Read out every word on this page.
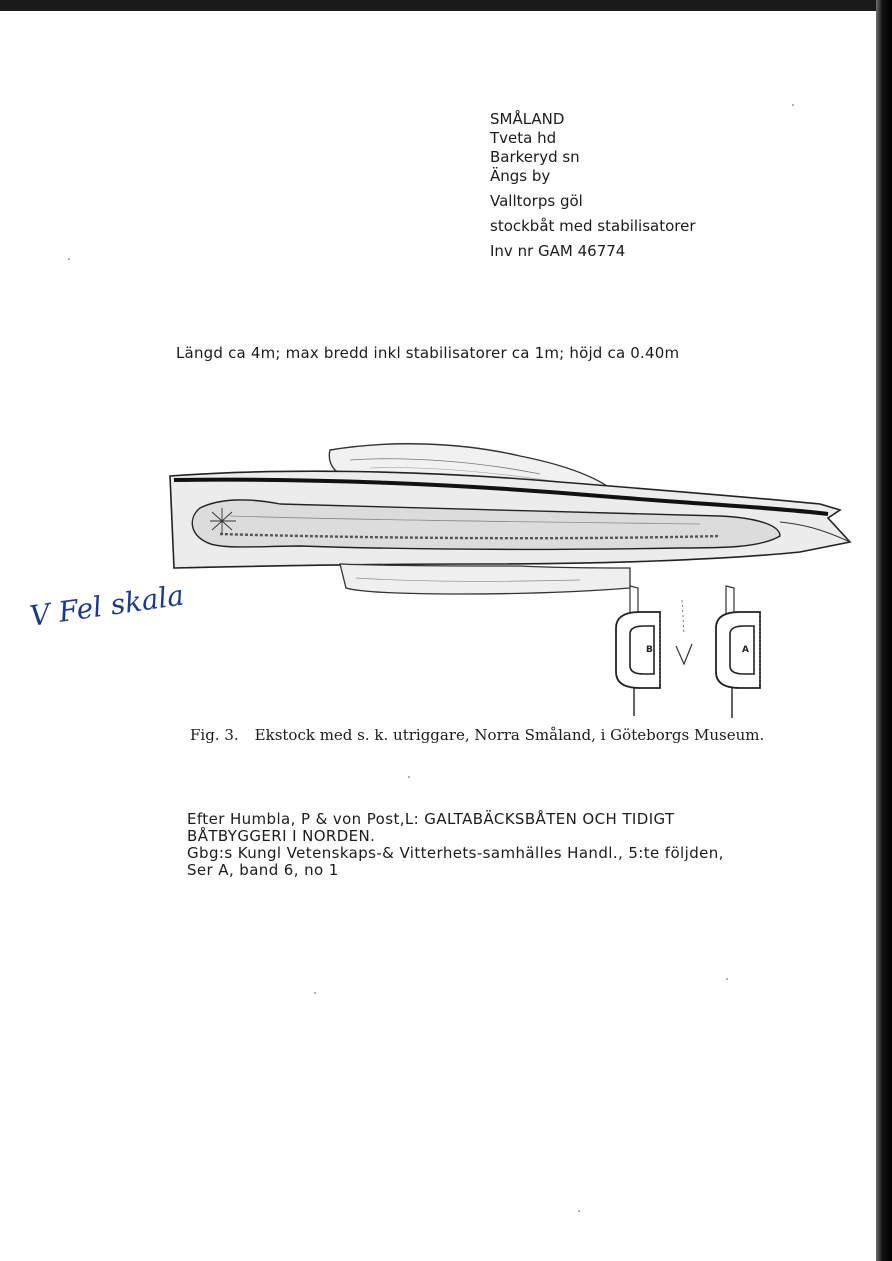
SMÅLAND
Tveta hd
Barkeryd sn
Ängs by
Valltorps göl
stockbåt med stabilisatorer
Inv nr GAM 46774
Längd ca 4m; max bredd inkl stabilisatorer ca 1m; höjd ca 0.40m
B	A
V Fel skala
Fig. 3. Ekstock med s. k. utriggare, Norra Småland, i Göteborgs Museum.
Efter Humbla, P & von Post,L: GALTABÄCKSBÅTEN OCH TIDIGT
BÅTBYGGERI I NORDEN.
Gbg:s Kungl Vetenskaps-& Vitterhets-samhälles Handl., 5:te följden,
Ser A, band 6, no 1
